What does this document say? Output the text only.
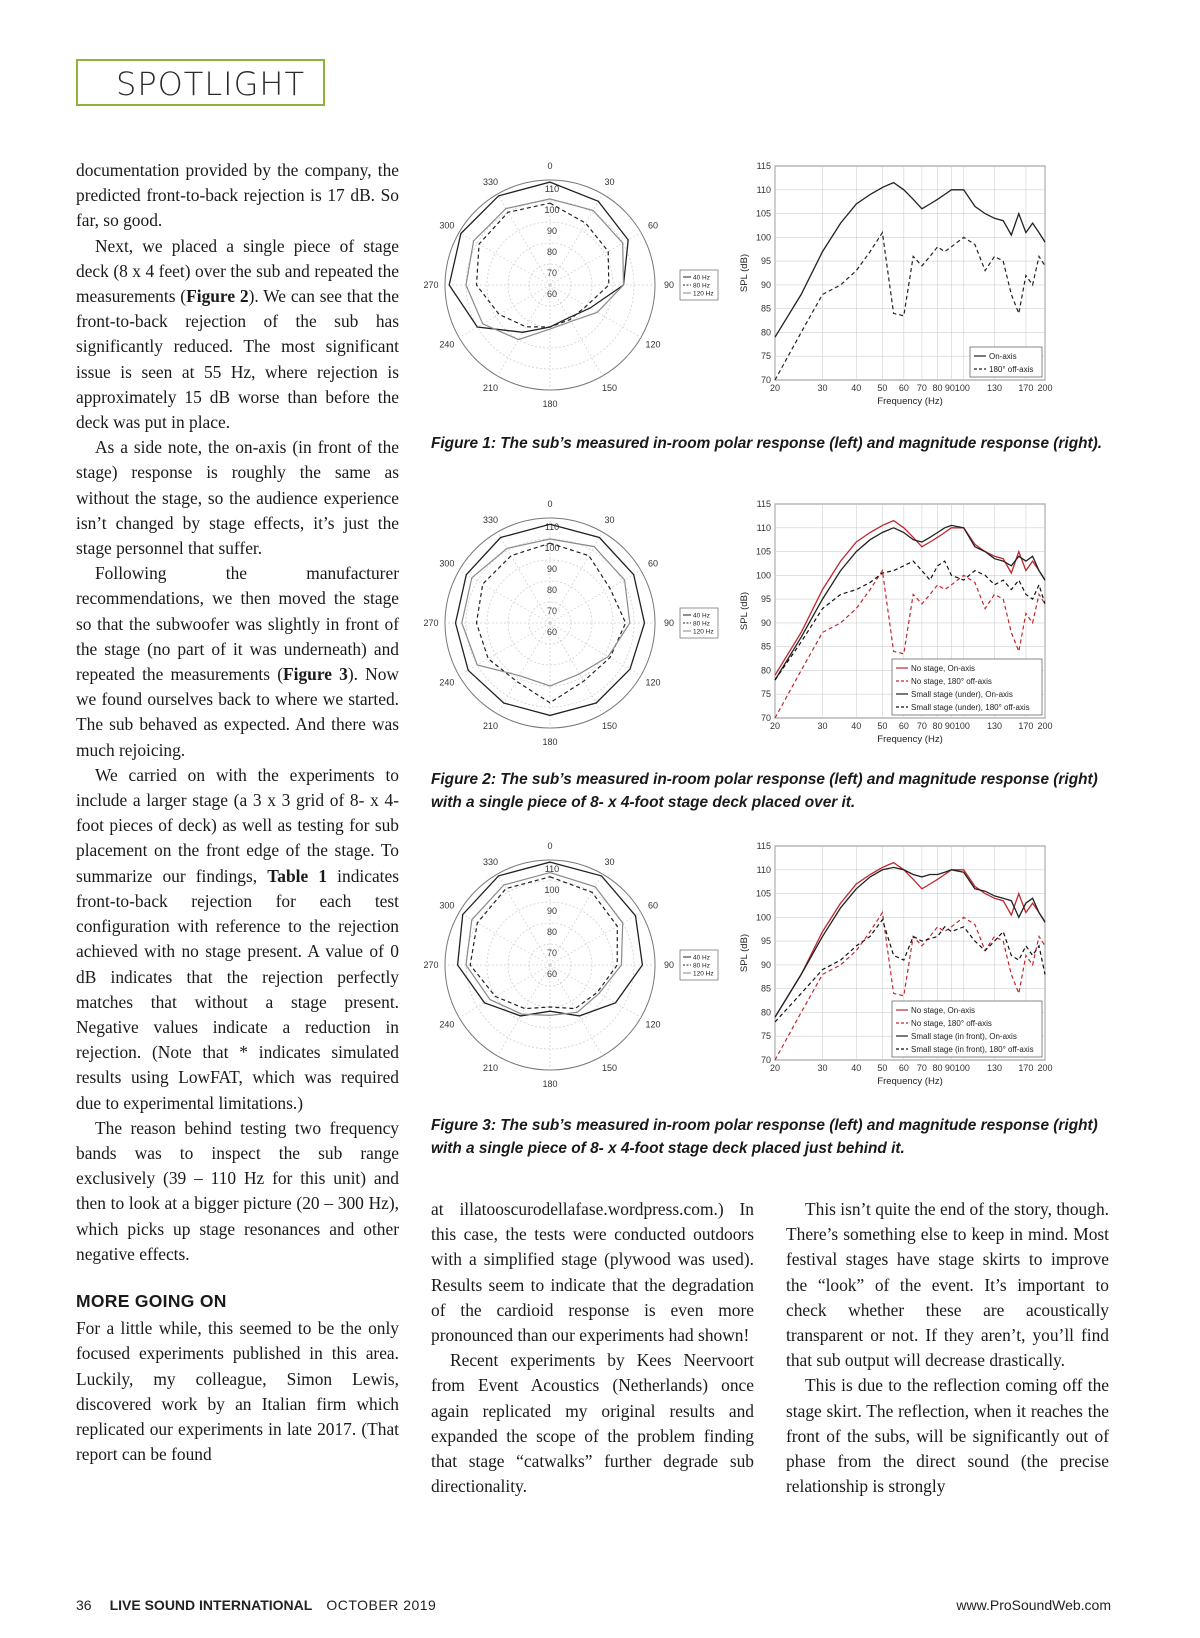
SPOTLIGHT

documentation provided by the company, the predicted front-to-back rejection is 17 dB. So far, so good.

Next, we placed a single piece of stage deck (8 x 4 feet) over the sub and repeated the measurements (Figure 2). We can see that the front-to-back rejection of the sub has significantly reduced. The most significant issue is seen at 55 Hz, where rejection is approximately 15 dB worse than before the deck was put in place.

As a side note, the on-axis (in front of the stage) response is roughly the same as without the stage, so the audience experience isn’t changed by stage effects, it’s just the stage personnel that suffer.

Following the manufacturer recommendations, we then moved the stage so that the subwoofer was slightly in front of the stage (no part of it was underneath) and repeated the measurements (Figure 3). Now we found ourselves back to where we started. The sub behaved as expected. And there was much rejoicing.

We carried on with the experiments to include a larger stage (a 3 x 3 grid of 8- x 4-foot pieces of deck) as well as testing for sub placement on the front edge of the stage. To summarize our findings, Table 1 indicates front-to-back rejection for each test configuration with reference to the rejection achieved with no stage present. A value of 0 dB indicates that the rejection perfectly matches that without a stage present. Negative values indicate a reduction in rejection. (Note that * indicates simulated results using LowFAT, which was required due to experimental limitations.)

The reason behind testing two frequency bands was to inspect the sub range exclusively (39 – 110 Hz for this unit) and then to look at a bigger picture (20 – 300 Hz), which picks up stage resonances and other negative effects.

MORE GOING ON

For a little while, this seemed to be the only focused experiments published in this area. Luckily, my colleague, Simon Lewis, discovered work by an Italian firm which replicated our experiments in late 2017. (That report can be found

60
70
80
90
100
110
0
30
60
90
120
150
180
210
240
270
300
330
40 Hz
80 Hz
120 Hz
70
75
80
85
90
95
100
105
110
115
20	30	40 50 60 70 80 90100 130 170 200
Frequency (Hz)
SPL (dB)
On-axis
180° off-axis
Figure 1: The sub’s measured in-room polar response (left) and magnitude response (right).
60
70
80
90
100
110
0
30
60
90
120
150
180
210
240
270
300
330
40 Hz
80 Hz
120 Hz
70
75
80
85
90
95
100
105
110
115
20	30	40 50 60 70 80 90100 130 170 200
Frequency (Hz)
SPL (dB)
No stage, On-axis
No stage, 180° off-axis
Small stage (under), On-axis
Small stage (under), 180° off-axis
Figure 2: The sub’s measured in-room polar response (left) and magnitude response (right) with a single piece of 8- x 4-foot stage deck placed over it.
60
70
80
90
100
110
0
30
60
90
120
150
180
210
240
270
300
330
40 Hz
80 Hz
120 Hz
70
75
80
85
90
95
100
105
110
115
20	30	40 50 60 70 80 90100 130 170 200
Frequency (Hz)
SPL (dB)
No stage, On-axis
No stage, 180° off-axis
Small stage (in front), On-axis
Small stage (in front), 180° off-axis
Figure 3: The sub’s measured in-room polar response (left) and magnitude response (right) with a single piece of 8- x 4-foot stage deck placed just behind it.

at illatooscurodellafase.wordpress.com.) In this case, the tests were conducted outdoors with a simplified stage (plywood was used). Results seem to indicate that the degradation of the cardioid response is even more pronounced than our experiments had shown!

Recent experiments by Kees Neervoort from Event Acoustics (Netherlands) once again replicated my original results and expanded the scope of the problem finding that stage “catwalks” further degrade sub directionality.

This isn’t quite the end of the story, though. There’s something else to keep in mind. Most festival stages have stage skirts to improve the “look” of the event. It’s important to check whether these are acoustically transparent or not. If they aren’t, you’ll find that sub output will decrease drastically.

This is due to the reflection coming off the stage skirt. The reflection, when it reaches the front of the subs, will be significantly out of phase from the direct sound (the precise relationship is strongly

36 LIVE SOUND INTERNATIONAL OCTOBER 2019	www.ProSoundWeb.com
